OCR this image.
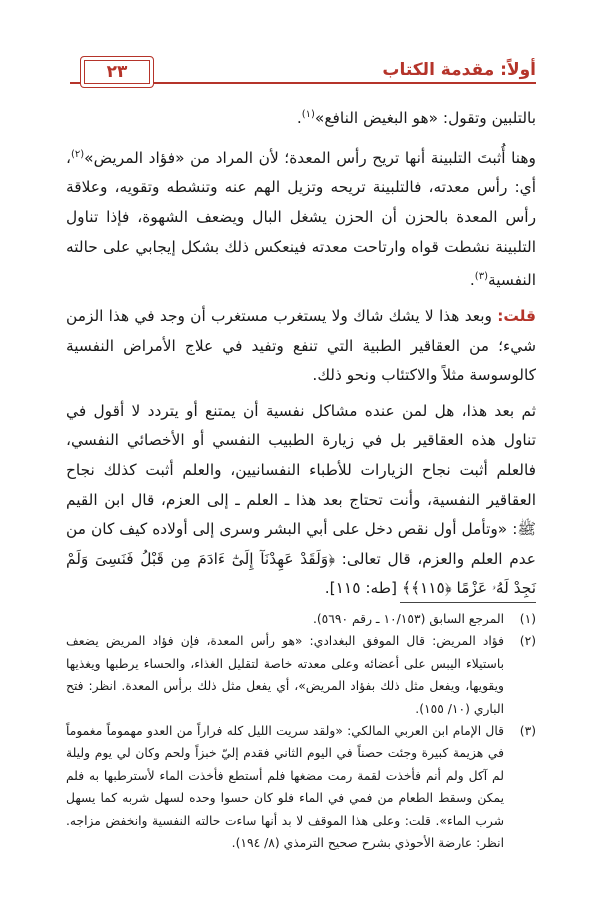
٢٣	أولاً: مقدمة الكتاب

بالتلبين وتقول: «هو البغيض النافع»$^{(١)}$.

وهنا أُثبتَ التلبينة أنها تريح رأس المعدة؛ لأن المراد من «فؤاد المريض»$^{(٢)}$، أي: رأس معدته، فالتلبينة تريحه وتزيل الهم عنه وتنشطه وتقويه، وعلاقة رأس المعدة بالحزن أن الحزن يشغل البال ويضعف الشهوة، فإذا تناول التلبينة نشطت قواه وارتاحت معدته فينعكس ذلك بشكل إيجابي على حالته النفسية$^{(٣)}$.

قلت: وبعد هذا لا يشك شاك ولا يستغرب مستغرب أن وجد في هذا الزمن شيء؛ من العقاقير الطبية التي تنفع وتفيد في علاج الأمراض النفسية كالوسوسة مثلاً والاكتئاب ونحو ذلك.

ثم بعد هذا، هل لمن عنده مشاكل نفسية أن يمتنع أو يتردد لا أقول في تناول هذه العقاقير بل في زيارة الطبيب النفسي أو الأخصائي النفسي، فالعلم أثبت نجاح الزيارات للأطباء النفسانيين، والعلم أثبت كذلك نجاح العقاقير النفسية، وأنت تحتاج بعد هذا ـ العلم ـ إلى العزم، قال ابن القيم ﷺ: «وتأمل أول نقص دخل على أبي البشر وسرى إلى أولاده كيف كان من عدم العلم والعزم، قال تعالى: ﴿وَلَقَدْ عَهِدْنَآ إِلَىٰٓ ءَادَمَ مِن قَبْلُ فَنَسِىَ وَلَمْ نَجِدْ لَهُۥ عَزْمًا ﴿١١٥﴾﴾ [طه: ١١٥].

(١)
المرجع السابق (١٠/١٥٣ ـ رقم ٥٦٩٠).
(٢)
فؤاد المريض: قال الموفق البغدادي: «هو رأس المعدة، فإن فؤاد المريض يضعف باستيلاء اليبس على أعضائه وعلى معدته خاصة لتقليل الغذاء، والحساء يرطبها ويغذيها ويقويها، ويفعل مثل ذلك بفؤاد المريض»، أي يفعل مثل ذلك برأس المعدة. انظر: فتح الباري (١٠/ ١٥٥).
(٣)
قال الإمام ابن العربي المالكي: «ولقد سريت الليل كله فراراً من العدو مهموماً مغموماً في هزيمة كبيرة وجئت حصناً في اليوم الثاني فقدم إليّ خبزاً ولحم وكان لي يوم وليلة لم آكل ولم أنم فأخذت لقمة رمت مضغها فلم أستطع فأخذت الماء لأسترطبها به فلم يمكن وسقط الطعام من فمي في الماء فلو كان حسوا وحده لسهل شربه كما يسهل شرب الماء». قلت: وعلى هذا الموقف لا بد أنها ساءت حالته النفسية وانخفض مزاجه. انظر: عارضة الأحوذي بشرح صحيح الترمذي (٨/ ١٩٤).
